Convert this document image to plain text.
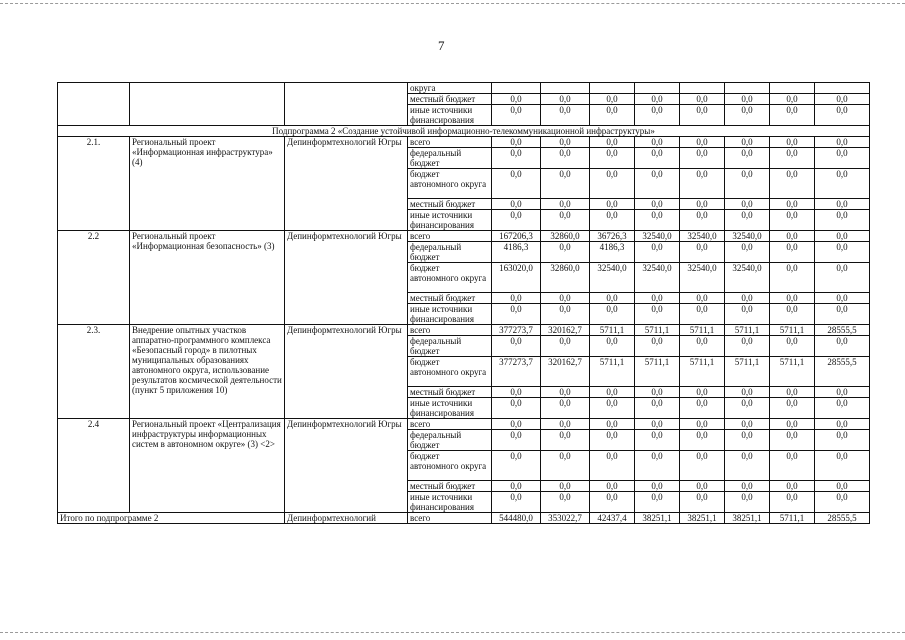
7
			округа								
			местный бюджет	0,0	0,0	0,0	0,0	0,0	0,0	0,0	0,0
			иные источники финансирования	0,0	0,0	0,0	0,0	0,0	0,0	0,0	0,0
Подпрограмма 2 «Создание устойчивой информационно-телекоммуникационной инфраструктуры»											
2.1.	Региональный проект «Информационная инфраструктура» (4)	Депинформтехнологий Югры	всего	0,0	0,0	0,0	0,0	0,0	0,0	0,0	0,0
			федеральный бюджет	0,0	0,0	0,0	0,0	0,0	0,0	0,0	0,0
			бюджет автономного округа	0,0	0,0	0,0	0,0	0,0	0,0	0,0	0,0
			местный бюджет	0,0	0,0	0,0	0,0	0,0	0,0	0,0	0,0
			иные источники финансирования	0,0	0,0	0,0	0,0	0,0	0,0	0,0	0,0
2.2	Региональный проект «Информационная безопасность» (3)	Депинформтехнологий Югры	всего	167206,3	32860,0	36726,3	32540,0	32540,0	32540,0	0,0	0,0
			федеральный бюджет	4186,3	0,0	4186,3	0,0	0,0	0,0	0,0	0,0
			бюджет автономного округа	163020,0	32860,0	32540,0	32540,0	32540,0	32540,0	0,0	0,0
			местный бюджет	0,0	0,0	0,0	0,0	0,0	0,0	0,0	0,0
			иные источники финансирования	0,0	0,0	0,0	0,0	0,0	0,0	0,0	0,0
2.3.	Внедрение опытных участков аппаратно-программного комплекса «Безопасный город» в пилотных муниципальных образованиях автономного округа, использование результатов космической деятельности (пункт 5 приложения 10)	Депинформтехнологий Югры	всего	377273,7	320162,7	5711,1	5711,1	5711,1	5711,1	5711,1	28555,5
			федеральный бюджет	0,0	0,0	0,0	0,0	0,0	0,0	0,0	0,0
			бюджет автономного округа	377273,7	320162,7	5711,1	5711,1	5711,1	5711,1	5711,1	28555,5
			местный бюджет	0,0	0,0	0,0	0,0	0,0	0,0	0,0	0,0
			иные источники финансирования	0,0	0,0	0,0	0,0	0,0	0,0	0,0	0,0
2.4	Региональный проект «Централизация инфраструктуры информационных систем в автономном округе» (3) <2>	Депинформтехнологий Югры	всего	0,0	0,0	0,0	0,0	0,0	0,0	0,0	0,0
			федеральный бюджет	0,0	0,0	0,0	0,0	0,0	0,0	0,0	0,0
			бюджет автономного округа	0,0	0,0	0,0	0,0	0,0	0,0	0,0	0,0
			местный бюджет	0,0	0,0	0,0	0,0	0,0	0,0	0,0	0,0
			иные источники финансирования	0,0	0,0	0,0	0,0	0,0	0,0	0,0	0,0
Итого по подпрограмме 2		Депинформтехнологий	всего	544480,0	353022,7	42437,4	38251,1	38251,1	38251,1	5711,1	28555,5
